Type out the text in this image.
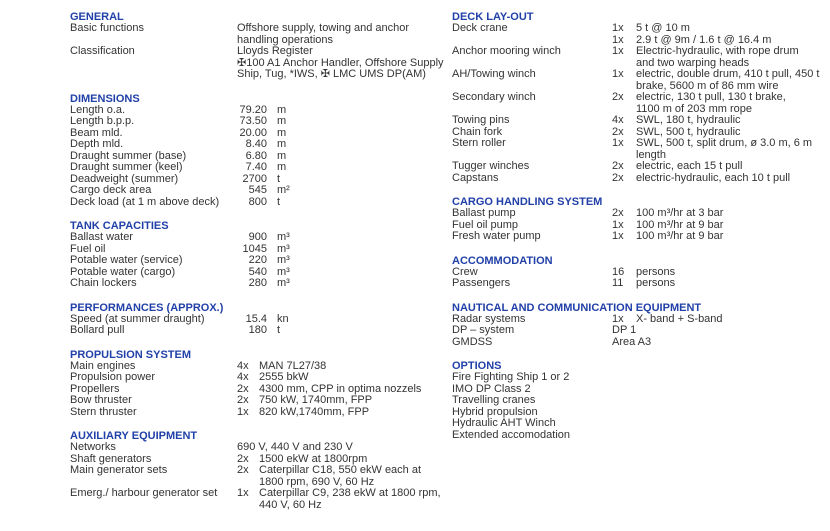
GENERAL
Basic functions	Offshore supply, towing and anchor
handling operations
Classification	Lloyds Register
✠100 A1 Anchor Handler, Offshore Supply
Ship, Tug, *IWS, ✠ LMC UMS DP(AM)
DIMENSIONS
Length o.a.	79.20 m
Length b.p.p.	73.50 m
Beam mld.	20.00 m
Depth mld.	8.40 m
Draught summer (base)	6.80 m
Draught summer (keel)	7.40 m
Deadweight (summer)	2700 t
Cargo deck area	545 m²
Deck load (at 1 m above deck)	800 t
TANK CAPACITIES
Ballast water	900 m³
Fuel oil	1045 m³
Potable water (service)	220 m³
Potable water (cargo)	540 m³
Chain lockers	280 m³
PERFORMANCES (APPROX.)
Speed (at summer draught)	15.4 kn
Bollard pull	180 t
PROPULSION SYSTEM
Main engines	4x MAN 7L27/38
Propulsion power	4x 2555 bkW
Propellers	2x 4300 mm, CPP in optima nozzels
Bow thruster	2x 750 kW, 1740mm, FPP
Stern thruster	1x 820 kW,1740mm, FPP
AUXILIARY EQUIPMENT
Networks	690 V, 440 V and 230 V
Shaft generators	2x 1500 ekW at 1800rpm
Main generator sets	2x Caterpillar C18, 550 ekW each at
1800 rpm, 690 V, 60 Hz
Emerg./ harbour generator set	1x Caterpillar C9, 238 ekW at 1800 rpm,
440 V, 60 Hz
DECK LAY-OUT
Deck crane	1x	5 t @ 10 m
1x	2.9 t @ 9m / 1.6 t @ 16.4 m
Anchor mooring winch	1x	Electric-hydraulic, with rope drum
and two warping heads
AH/Towing winch	1x	electric, double drum, 410 t pull, 450 t
brake, 5600 m of 86 mm wire
Secondary winch	2x	electric, 130 t pull, 130 t brake,
1100 m of 203 mm rope
Towing pins	4x	SWL, 180 t, hydraulic
Chain fork	2x	SWL, 500 t, hydraulic
Stern roller	1x	SWL, 500 t, split drum, ø 3.0 m, 6 m
length
Tugger winches	2x	electric, each 15 t pull
Capstans	2x	electric-hydraulic, each 10 t pull
CARGO HANDLING SYSTEM
Ballast pump	2x	100 m³/hr at 3 bar
Fuel oil pump	1x	100 m³/hr at 9 bar
Fresh water pump	1x	100 m³/hr at 9 bar
ACCOMMODATION
Crew	16	persons
Passengers	11	persons
NAUTICAL AND COMMUNICATION EQUIPMENT
Radar systems	1x	X- band + S-band
DP – system	DP 1
GMDSS	Area A3
OPTIONS
Fire Fighting Ship 1 or 2
IMO DP Class 2
Travelling cranes
Hybrid propulsion
Hydraulic AHT Winch
Extended accomodation
